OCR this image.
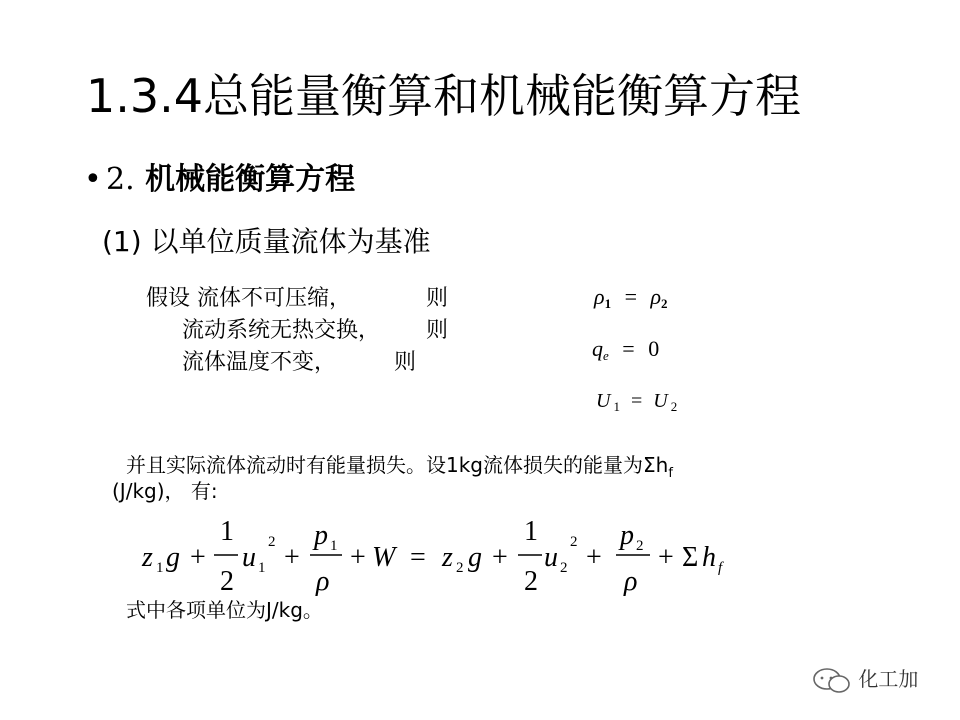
1.3.4总能量衡算和机械能衡算方程
• 2. 机械能衡算方程
(1) 以单位质量流体为基准
假设 流体不可压缩，	则
流动系统无热交换， 则
流体温度不变，	则
$\rho_1 = \rho_2$
$q_e = 0$
U $_1$ = U $_2$
并且实际流体流动时有能量损失。设1kg流体损失的能量为$\Sigma h_f$
(J/kg)， 有:
z 1 g +
1
2
u 1
2 +
p 1
ρ
+ W = z 2 g +
1
2
u 2
2 +
p 2
ρ
+ Σ h f
式中各项单位为J/kg。
化工加
